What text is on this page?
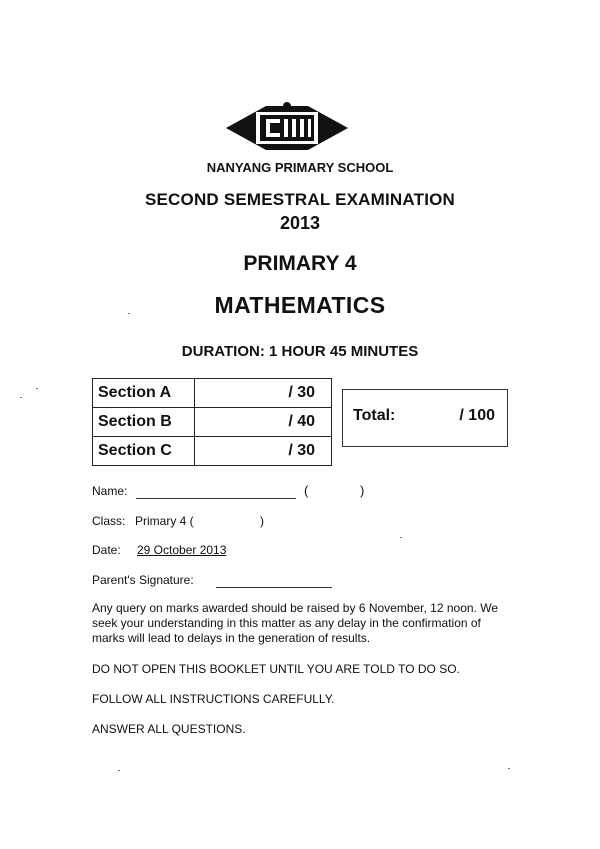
NANYANG PRIMARY SCHOOL
SECOND SEMESTRAL EXAMINATION
2013
PRIMARY 4
MATHEMATICS
DURATION: 1 HOUR 45 MINUTES
Section A	/ 30
Section B	/ 40
Section C	/ 30
Total:	/ 100
Name:	(	)
Class: Primary 4 (	)
Date: 29 October 2013
Parent's Signature:
Any query on marks awarded should be raised by 6 November, 12 noon. We seek your understanding in this matter as any delay in the confirmation of marks will lead to delays in the generation of results.
DO NOT OPEN THIS BOOKLET UNTIL YOU ARE TOLD TO DO SO.
FOLLOW ALL INSTRUCTIONS CAREFULLY.
ANSWER ALL QUESTIONS.
